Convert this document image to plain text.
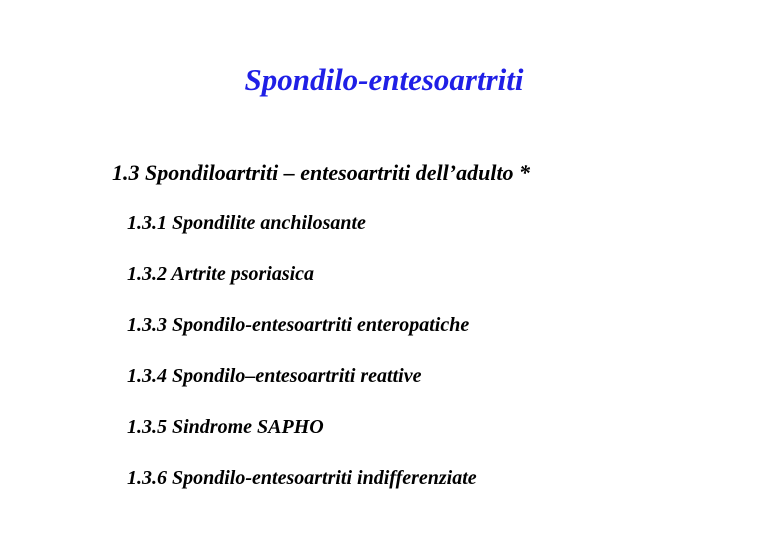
Spondilo-entesoartriti

1.3 Spondiloartriti – entesoartriti dell’adulto *

1.3.1 Spondilite anchilosante
1.3.2 Artrite psoriasica
1.3.3 Spondilo-entesoartriti enteropatiche
1.3.4 Spondilo–entesoartriti reattive
1.3.5 Sindrome SAPHO
1.3.6 Spondilo-entesoartriti indifferenziate
